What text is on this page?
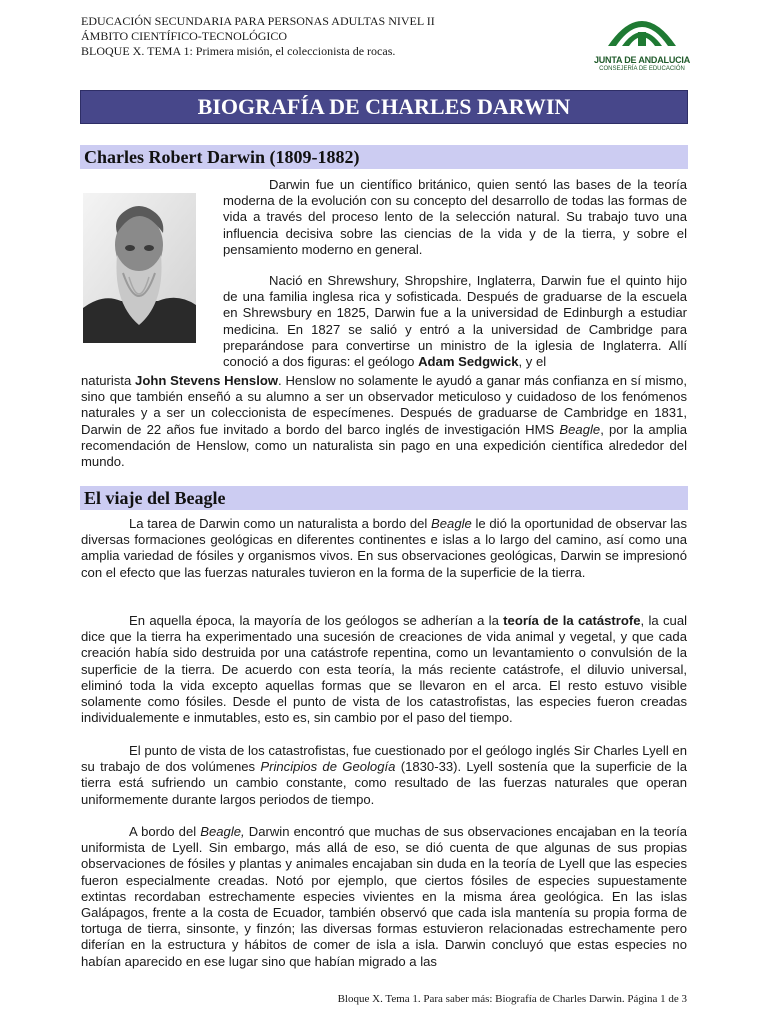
EDUCACIÓN SECUNDARIA PARA PERSONAS ADULTAS NIVEL II
ÁMBITO CIENTÍFICO-TECNOLÓGICO
BLOQUE X. TEMA 1: Primera misión, el coleccionista de rocas.
JUNTA DE ANDALUCIA
CONSEJERÍA DE EDUCACIÓN
BIOGRAFÍA DE CHARLES DARWIN
Charles Robert Darwin (1809-1882)

Darwin fue un científico británico, quien sentó las bases de la teoría moderna de la evolución con su concepto del desarrollo de todas las formas de vida a través del proceso lento de la selección natural. Su trabajo tuvo una influencia decisiva sobre las ciencias de la vida y de la tierra, y sobre el pensamiento moderno en general.

Nació en Shrewshury, Shropshire, Inglaterra, Darwin fue el quinto hijo de una familia inglesa rica y sofisticada. Después de graduarse de la escuela en Shrewsbury en 1825, Darwin fue a la universidad de Edinburgh a estudiar medicina. En 1827 se salió y entró a la universidad de Cambridge para preparándose para convertirse un ministro de la iglesia de Inglaterra. Allí conoció a dos figuras: el geólogo Adam Sedgwick, y el

naturista John Stevens Henslow. Henslow no solamente le ayudó a ganar más confianza en sí mismo, sino que también enseñó a su alumno a ser un observador meticuloso y cuidadoso de los fenómenos naturales y a ser un coleccionista de especímenes. Después de graduarse de Cambridge en 1831, Darwin de 22 años fue invitado a bordo del barco inglés de investigación HMS Beagle, por la amplia recomendación de Henslow, como un naturalista sin pago en una expedición científica alrededor del mundo.

El viaje del Beagle

La tarea de Darwin como un naturalista a bordo del Beagle le dió la oportunidad de observar las diversas formaciones geológicas en diferentes continentes e islas a lo largo del camino, así como una amplia variedad de fósiles y organismos vivos. En sus observaciones geológicas, Darwin se impresionó con el efecto que las fuerzas naturales tuvieron en la forma de la superficie de la tierra.

En aquella época, la mayoría de los geólogos se adherían a la teoría de la catástrofe, la cual dice que la tierra ha experimentado una sucesión de creaciones de vida animal y vegetal, y que cada creación había sido destruida por una catástrofe repentina, como un levantamiento o convulsión de la superficie de la tierra. De acuerdo con esta teoría, la más reciente catástrofe, el diluvio universal, eliminó toda la vida excepto aquellas formas que se llevaron en el arca. El resto estuvo visible solamente como fósiles. Desde el punto de vista de los catastrofistas, las especies fueron creadas individualemente e inmutables, esto es, sin cambio por el paso del tiempo.

El punto de vista de los catastrofistas, fue cuestionado por el geólogo inglés Sir Charles Lyell en su trabajo de dos volúmenes Principios de Geología (1830-33). Lyell sostenía que la superficie de la tierra está sufriendo un cambio constante, como resultado de las fuerzas naturales que operan uniformemente durante largos periodos de tiempo.

A bordo del Beagle, Darwin encontró que muchas de sus observaciones encajaban en la teoría uniformista de Lyell. Sin embargo, más allá de eso, se dió cuenta de que algunas de sus propias observaciones de fósiles y plantas y animales encajaban sin duda en la teoría de Lyell que las especies fueron especialmente creadas. Notó por ejemplo, que ciertos fósiles de especies supuestamente extintas recordaban estrechamente especies vivientes en la misma área geológica. En las islas Galápagos, frente a la costa de Ecuador, también observó que cada isla mantenía su propia forma de tortuga de tierra, sinsonte, y finzón; las diversas formas estuvieron relacionadas estrechamente pero diferían en la estructura y hábitos de comer de isla a isla. Darwin concluyó que estas especies no habían aparecido en ese lugar sino que habían migrado a las

Bloque X. Tema 1. Para saber más: Biografía de Charles Darwin. Página 1 de 3
